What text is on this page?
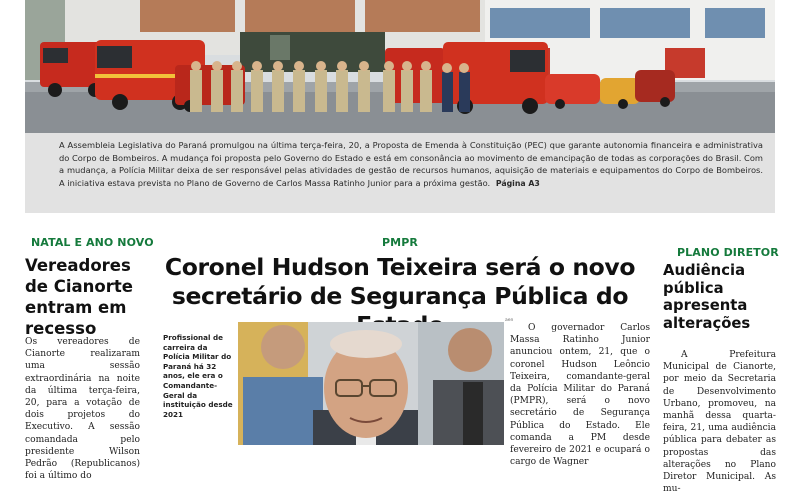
A Assembleia Legislativa do Paraná promulgou na última terça-feira, 20, a Proposta de Emenda à Constituição (PEC) que garante autonomia financeira e administrativa do Corpo de Bombeiros. A mudança foi proposta pelo Governo do Estado e está em consonância ao movimento de emancipação de todas as corporações do Brasil. Com a mudança, a Polícia Militar deixa de ser responsável pelas atividades de gestão de recursos humanos, aquisição de materiais e equipamentos do Corpo de Bombeiros. A iniciativa estava prevista no Plano de Governo de Carlos Massa Ratinho Junior para a próxima gestão. Página A3
NATAL E ANO NOVO
Vereadores de Cianorte entram em recesso

Os vereadores de Cianorte realizaram uma sessão extraordinária na noite da última terça-feira, 20, para a votação de dois projetos do Executivo. A sessão comandada pelo presidente Wilson Pedrão (Republicanos) foi a último do

PMPR
Coronel Hudson Teixeira será o novo secretário de Segurança Pública do
Profissional de carreira da Polícia Militar do Paraná há 32 anos, ele era o Comandante-Geral da instituição desde 2021
aen

O governador Carlos Massa Ratinho Junior anunciou ontem, 21, que o coronel Hudson Leôncio Teixeira, comandante-geral da Polícia Militar do Paraná (PMPR), será o novo secretário de Segurança Pública do Estado. Ele comanda a PM desde fevereiro de 2021 e ocupará o cargo de Wagner

PLANO DIRETOR
Audiência pública apresenta alterações

A Prefeitura Municipal de Cianorte, por meio da Secretaria de Desenvolvimento Urbano, promoveu, na manhã dessa quarta-feira, 21, uma audiência pública para debater as propostas das alterações no Plano Diretor Municipal. As mu-
